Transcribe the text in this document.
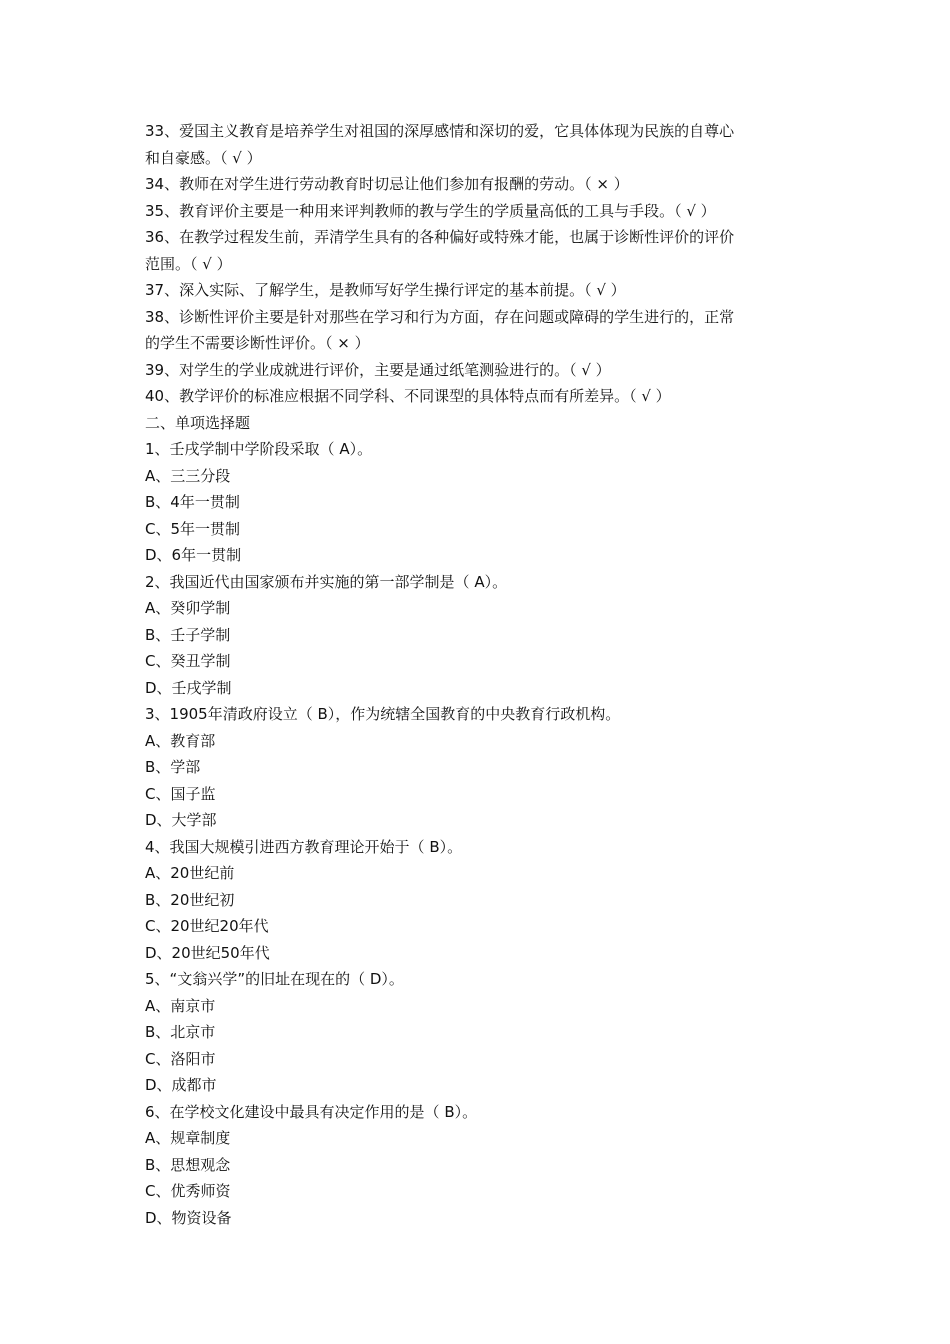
33、爱国主义教育是培养学生对祖国的深厚感情和深切的爱，它具体体现为民族的自尊心
和自豪感。（ √ ）
34、教师在对学生进行劳动教育时切忌让他们参加有报酬的劳动。（ × ）
35、教育评价主要是一种用来评判教师的教与学生的学质量高低的工具与手段。（ √ ）
36、在教学过程发生前，弄清学生具有的各种偏好或特殊才能，也属于诊断性评价的评价
范围。（ √ ）
37、深入实际、了解学生，是教师写好学生操行评定的基本前提。（ √ ）
38、诊断性评价主要是针对那些在学习和行为方面，存在问题或障碍的学生进行的，正常
的学生不需要诊断性评价。（ × ）
39、对学生的学业成就进行评价，主要是通过纸笔测验进行的。（ √ ）
40、教学评价的标准应根据不同学科、不同课型的具体特点而有所差异。（ √ ）
二、单项选择题
1、壬戌学制中学阶段采取（ A）。
A、三三分段
B、4年一贯制
C、5年一贯制
D、6年一贯制
2、我国近代由国家颁布并实施的第一部学制是（ A）。
A、癸卯学制
B、壬子学制
C、癸丑学制
D、壬戌学制
3、1905年清政府设立（ B），作为统辖全国教育的中央教育行政机构。
A、教育部
B、学部
C、国子监
D、大学部
4、我国大规模引进西方教育理论开始于（ B）。
A、20世纪前
B、20世纪初
C、20世纪20年代
D、20世纪50年代
5、“文翁兴学”的旧址在现在的（ D）。
A、南京市
B、北京市
C、洛阳市
D、成都市
6、在学校文化建设中最具有决定作用的是（ B）。
A、规章制度
B、思想观念
C、优秀师资
D、物资设备
